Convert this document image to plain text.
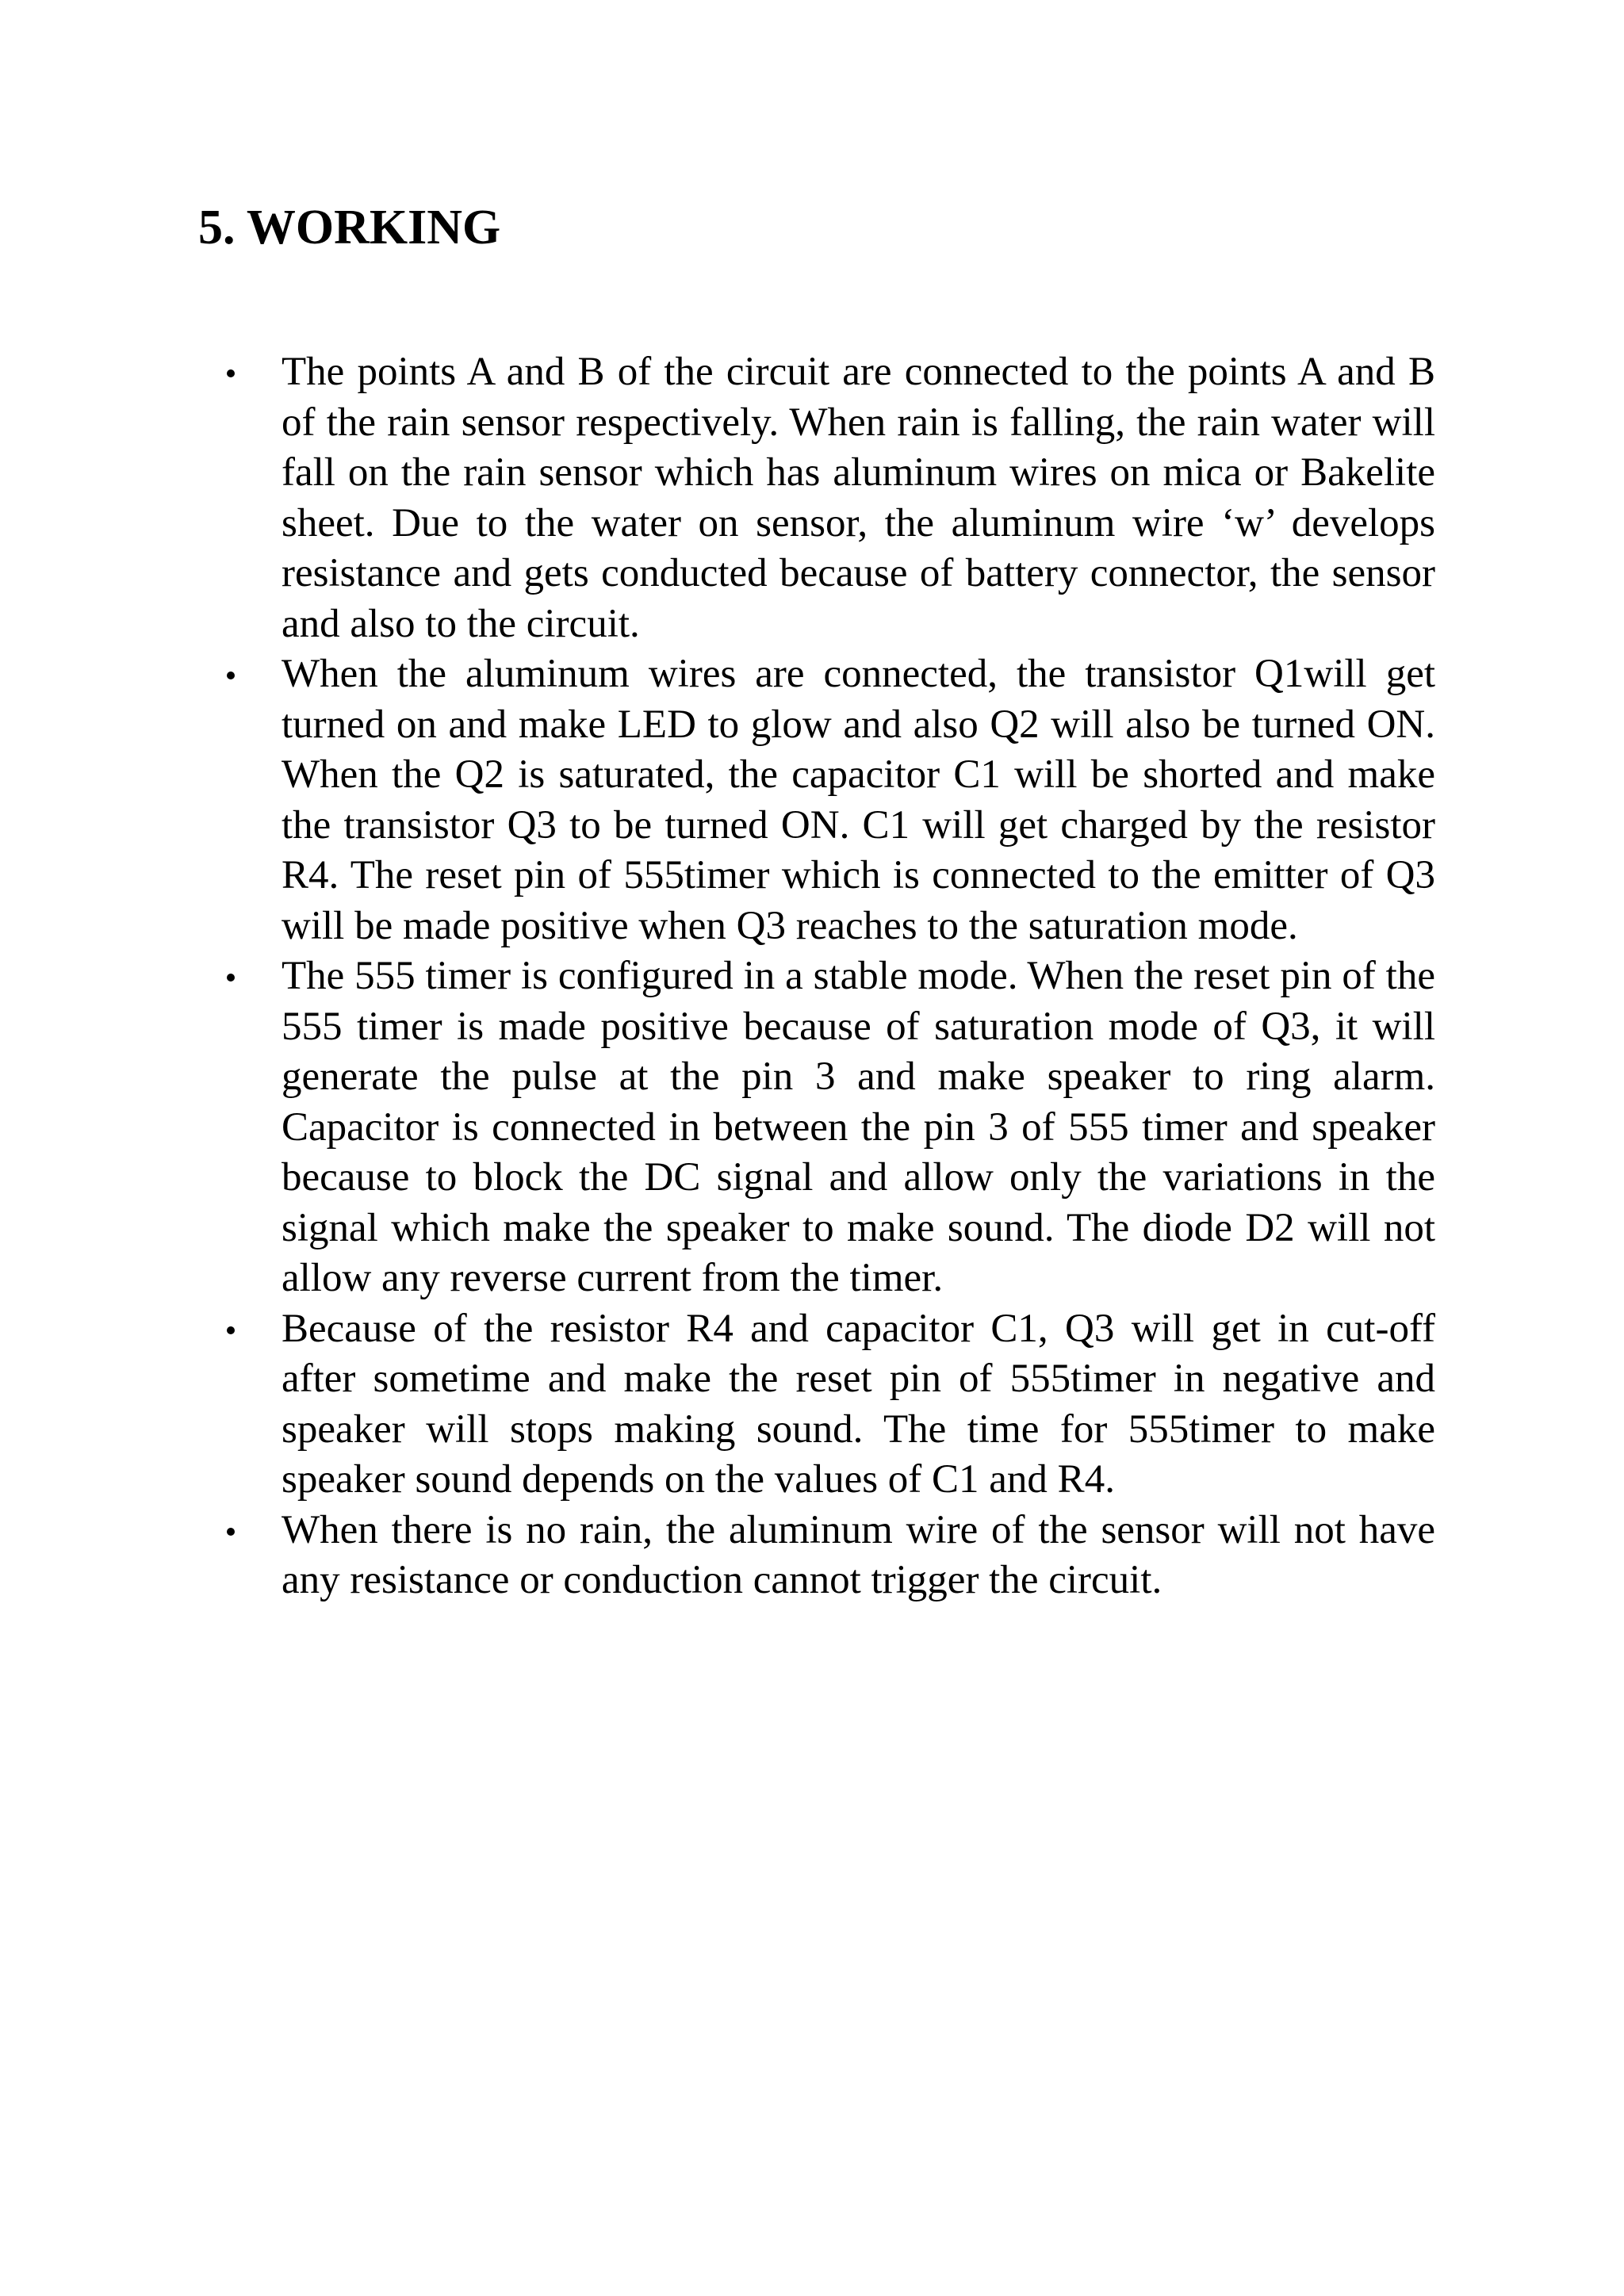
5. WORKING
The points A and B of the circuit are connected to the points A and B of the rain sensor respectively. When rain is falling, the rain water will fall on the rain sensor which has aluminum wires on mica or Bakelite sheet. Due to the water on sensor, the aluminum wire ‘w’ develops resistance and gets conducted because of battery connector, the sensor and also to the circuit.
When the aluminum wires are connected, the transistor Q1will get turned on and make LED to glow and also Q2 will also be turned ON. When the Q2 is saturated, the capacitor C1 will be shorted and make the transistor Q3 to be turned ON. C1 will get charged by the resistor R4. The reset pin of 555timer which is connected to the emitter of Q3 will be made positive when Q3 reaches to the saturation mode.
The 555 timer is configured in a stable mode. When the reset pin of the 555 timer is made positive because of saturation mode of Q3, it will generate the pulse at the pin 3 and make speaker to ring alarm. Capacitor is connected in between the pin 3 of 555 timer and speaker because to block the DC signal and allow only the variations in the signal which make the speaker to make sound. The diode D2 will not allow any reverse current from the timer.
Because of the resistor R4 and capacitor C1, Q3 will get in cut-off after sometime and make the reset pin of 555timer in negative and speaker will stops making sound. The time for 555timer to make speaker sound depends on the values of C1 and R4.
When there is no rain, the aluminum wire of the sensor will not have any resistance or conduction cannot trigger the circuit.
